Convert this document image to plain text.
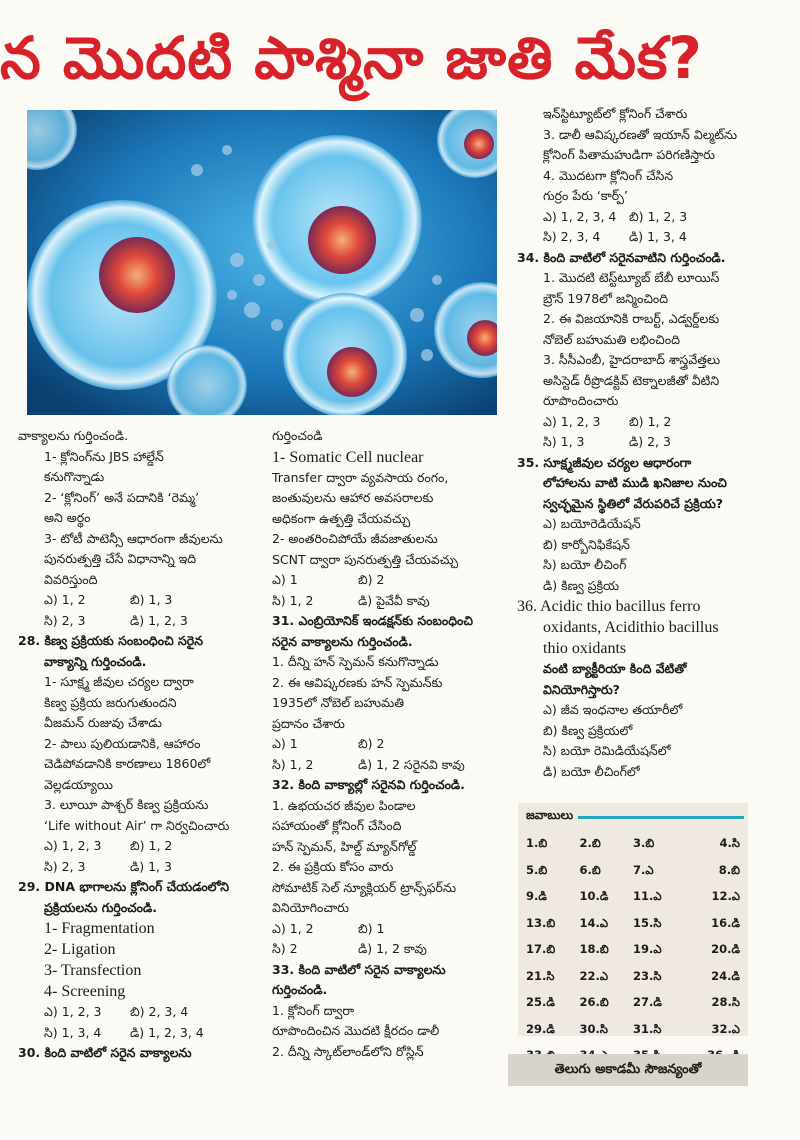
న మొదటి పాశ్మినా జాతి మేక?
వాక్యాలను గుర్తించండి.
1- క్లోనింగ్‌ను JBS హాల్డేన్
కనుగొన్నాడు
2- ‘క్లోనింగ్’ అనే పదానికి ‘రెమ్మ’
అని అర్థం
3- టోటీ పాటెన్సీ ఆధారంగా జీవులను
పునరుత్పత్తి చేసే విధానాన్ని ఇది
వివరిస్తుంది
ఎ) 1, 2	బి) 1, 3
సి) 2, 3	డి) 1, 2, 3
28. కిణ్వ ప్రక్రియకు సంబంధించి సరైన
వాక్యాన్ని గుర్తించండి.
1- సూక్ష్మ జీవుల చర్యల ద్వారా
కిణ్వ ప్రక్రియ జరుగుతుందని
వీజమన్ రుజువు చేశాడు
2- పాలు పులియడానికి, ఆహారం
చెడిపోవడానికి కారణాలు 1860లో
వెల్లడయ్యాయి
3. లూయీ పాశ్చర్ కిణ్వ ప్రక్రియను
‘Life without Air’ గా నిర్వచించారు
ఎ) 1, 2, 3	బి) 1, 2
సి) 2, 3	డి) 1, 3
29. DNA భాగాలను క్లోనింగ్ చేయడంలోని
ప్రక్రియలను గుర్తించండి.
1- Fragmentation
2- Ligation
3- Transfection
4- Screening
ఎ) 1, 2, 3	బి) 2, 3, 4
సి) 1, 3, 4	డి) 1, 2, 3, 4
30. కింది వాటిలో సరైన వాక్యాలను
గుర్తించండి
1- Somatic Cell nuclear
Transfer ద్వారా వ్యవసాయ రంగం,
జంతువులను ఆహార అవసరాలకు
అధికంగా ఉత్పత్తి చేయవచ్చు
2- అంతరించిపోయే జీవజాతులను
SCNT ద్వారా పునరుత్పత్తి చేయవచ్చు
ఎ) 1	బి) 2
సి) 1, 2	డి) పైవేవీ కావు
31. ఎంబ్రియోనిక్ ఇండక్షన్‌కు సంబంధించి
సరైన వాక్యాలను గుర్తించండి.
1. దీన్ని హన్ స్పెమన్ కనుగొన్నాడు
2. ఈ ఆవిష్కరణకు హన్ స్పెమన్‌కు
1935లో నోబెల్ బహుమతి
ప్రదానం చేశారు
ఎ) 1	బి) 2
సి) 1, 2	డి) 1, 2 సరైనవి కావు
32. కింది వాక్యాల్లో సరైనవి గుర్తించండి.
1. ఉభయచర జీవుల పిండాల
సహాయంతో క్లోనింగ్ చేసింది
హన్ స్పెమన్, హిల్డ్ మ్యాన్‌గోల్డ్
2. ఈ ప్రక్రియ కోసం వారు
సోమాటిక్ సెల్ న్యూక్లియర్ ట్రాన్స్‌ఫర్‌ను
వినియోగించారు
ఎ) 1, 2	బి) 1
సి) 2	డి) 1, 2 కావు
33. కింది వాటిలో సరైన వాక్యాలను
గుర్తించండి.
1. క్లోనింగ్ ద్వారా
రూపొందించిన మొదటి క్షీరదం డాలీ
2. దీన్ని స్కాట్‌లాండ్‌లోని రోస్లిన్
ఇన్‌స్టిట్యూట్‌లో క్లోనింగ్ చేశారు
3. డాలీ ఆవిష్కరణతో ఇయాన్ విల్మట్‌ను
క్లోనింగ్ పితామహుడిగా పరిగణిస్తారు
4. మొదటగా క్లోనింగ్ చేసిన
గుర్రం పేరు ‘కార్ప్’
ఎ) 1, 2, 3, 4	బి) 1, 2, 3
సి) 2, 3, 4	డి) 1, 3, 4
34. కింది వాటిలో సరైనవాటిని గుర్తించండి.
1. మొదటి టెస్ట్‌ట్యూబ్ బేబీ లూయిస్
బ్రౌన్ 1978లో జన్మించింది
2. ఈ విజయానికి రాబర్ట్, ఎడ్వర్డ్‌లకు
నోబెల్ బహుమతి లభించింది
3. సీసీఎంబీ, హైదరాబాద్ శాస్త్రవేత్తలు
అసిస్టెడ్ రీప్రొడక్టివ్ టెక్నాలజీతో వీటిని
రూపొందించారు
ఎ) 1, 2, 3	బి) 1, 2
సి) 1, 3	డి) 2, 3
35. సూక్ష్మజీవుల చర్యల ఆధారంగా
లోహాలను వాటి ముడి ఖనిజాల నుంచి
స్వచ్ఛమైన స్థితిలో వేరుపరిచే ప్రక్రియ?
ఎ) బయోరెడియేషన్
బి) కార్బోనిఫికేషన్
సి) బయో లీచింగ్
డి) కిణ్వ ప్రక్రియ
36. Acidic thio bacillus ferro
oxidants, Acidithio bacillus
thio oxidants
వంటి బ్యాక్టీరియా కింది వేటితో
వినియోగిస్తారు?
ఎ) జీవ ఇంధనాల తయారీలో
బి) కిణ్వ ప్రక్రియలో
సి) బయో రెమిడియేషన్‌లో
డి) బయో లీచింగ్‌లో
జవాబులు
1.బి	2.బి	3.బి	4.సి
5.బి	6.బి	7.ఎ	8.బి
9.డి	10.డి	11.ఎ	12.ఎ
13.బి	14.ఎ	15.సి	16.డి
17.బి	18.బి	19.ఎ	20.డి
21.సి	22.ఎ	23.సి	24.డి
25.డి	26.బి	27.డి	28.సి
29.డి	30.సి	31.సి	32.ఎ
తెలుగు అకాడమీ సౌజన్యంతో
